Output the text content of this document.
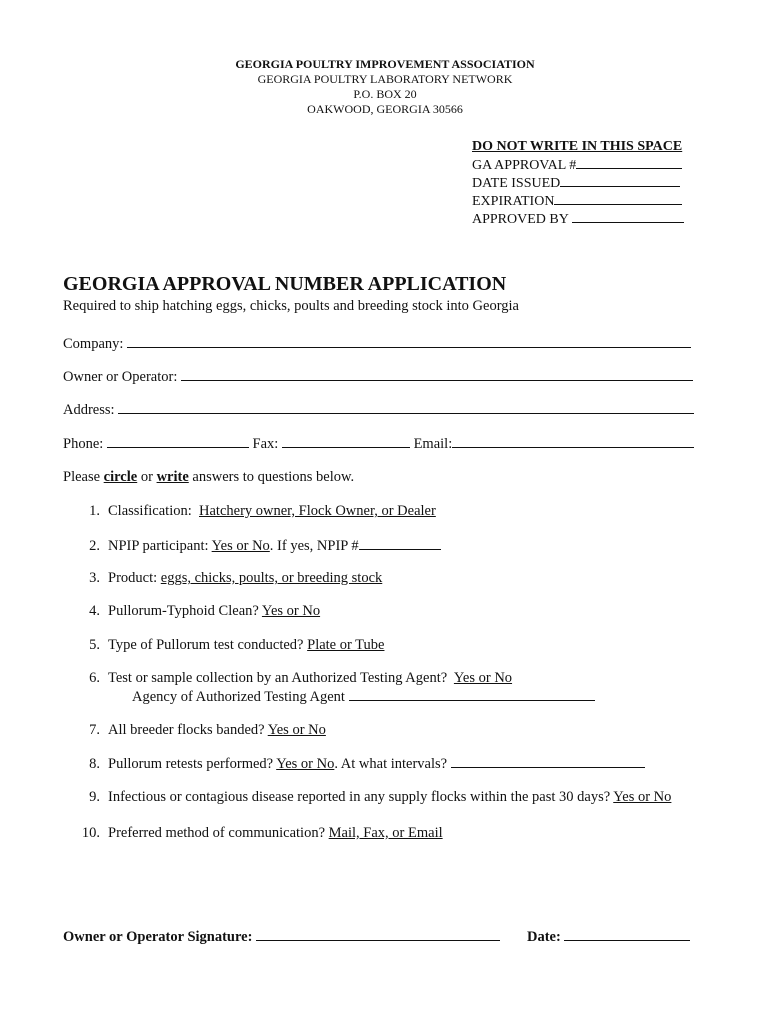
GEORGIA POULTRY IMPROVEMENT ASSOCIATION
GEORGIA POULTRY LABORATORY NETWORK
P.O. BOX 20
OAKWOOD, GEORGIA 30566
DO NOT WRITE IN THIS SPACE
GA APPROVAL #
DATE ISSUED
EXPIRATION
APPROVED BY
GEORGIA APPROVAL NUMBER APPLICATION
Required to ship hatching eggs, chicks, poults and breeding stock into Georgia
Company:
Owner or Operator:
Address:
Phone:	Fax:	Email:
Please circle or write answers to questions below.
1. Classification: Hatchery owner, Flock Owner, or Dealer
2. NPIP participant: Yes or No. If yes, NPIP #
3. Product: eggs, chicks, poults, or breeding stock
4. Pullorum-Typhoid Clean? Yes or No
5. Type of Pullorum test conducted? Plate or Tube
6. Test or sample collection by an Authorized Testing Agent? Yes or No
Agency of Authorized Testing Agent
7. All breeder flocks banded? Yes or No
8. Pullorum retests performed? Yes or No. At what intervals?
9. Infectious or contagious disease reported in any supply flocks within the past 30 days? Yes or No
10. Preferred method of communication? Mail, Fax, or Email
Owner or Operator Signature:	Date:
